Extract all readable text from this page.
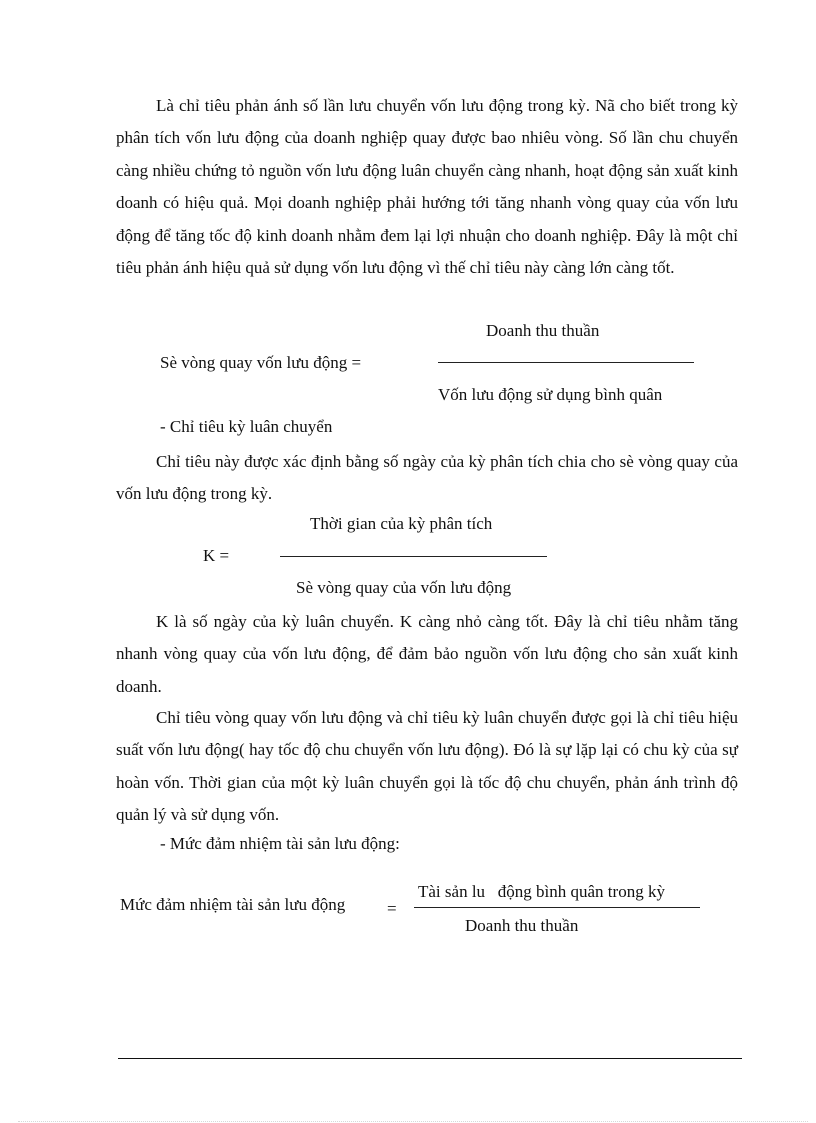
Là chỉ tiêu phản ánh số lần lưu chuyển vốn lưu động trong kỳ. Nã cho biết trong kỳ phân tích vốn lưu động của doanh nghiệp quay được bao nhiêu vòng. Số lần chu chuyển càng nhiều chứng tỏ nguồn vốn lưu động luân chuyển càng nhanh, hoạt động sản xuất kinh doanh có hiệu quả. Mọi doanh nghiệp phải hướng tới tăng nhanh vòng quay của vốn lưu động để tăng tốc độ kinh doanh nhằm đem lại lợi nhuận cho doanh nghiệp. Đây là một chỉ tiêu phản ánh hiệu quả sử dụng vốn lưu động vì thế chỉ tiêu này càng lớn càng tốt.

Doanh thu thuần
Sè vòng quay vốn lưu động =
Vốn lưu động sử dụng bình quân

- Chỉ tiêu kỳ luân chuyển

Chỉ tiêu này được xác định bằng số ngày của kỳ phân tích chia cho sè vòng quay của vốn lưu động trong kỳ.

Thời gian của kỳ phân tích
K =
Sè vòng quay của vốn lưu động

K là số ngày của kỳ luân chuyển. K càng nhỏ càng tốt. Đây là chỉ tiêu nhằm tăng nhanh vòng quay của vốn lưu động, để đảm bảo nguồn vốn lưu động cho sản xuất kinh doanh.

Chỉ tiêu vòng quay vốn lưu động và chỉ tiêu kỳ luân chuyển được gọi là chỉ tiêu hiệu suất vốn lưu động( hay tốc độ chu chuyển vốn lưu động). Đó là sự lặp lại có chu kỳ của sự hoàn vốn. Thời gian của một kỳ luân chuyển gọi là tốc độ chu chuyển, phản ánh trình độ quản lý và sử dụng vốn.

- Mức đảm nhiệm tài sản lưu động:

Mức đảm nhiệm tài sản lưu động =
Tài sản lu   động bình quân trong kỳ
Doanh thu thuần
